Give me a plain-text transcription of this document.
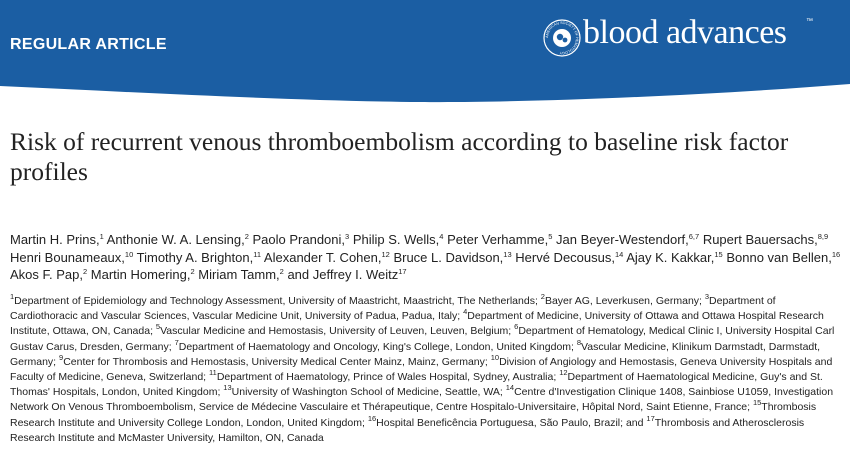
REGULAR ARTICLE	AMERICAN SOCIETY OF HEMATOLOGY
blood advances	™
Risk of recurrent venous thromboembolism according to baseline risk factor profiles
Martin H. Prins,$^1$ Anthonie W. A. Lensing,$^2$ Paolo Prandoni,$^3$ Philip S. Wells,$^4$ Peter Verhamme,$^5$ Jan Beyer-Westendorf,$^{6,7}$ Rupert Bauersachs,$^{8,9}$ Henri Bounameaux,$^{10}$ Timothy A. Brighton,$^{11}$ Alexander T. Cohen,$^{12}$ Bruce L. Davidson,$^{13}$ Hervé Decousus,$^{14}$ Ajay K. Kakkar,$^{15}$ Bonno van Bellen,$^{16}$ Akos F. Pap,$^2$ Martin Homering,$^2$ Miriam Tamm,$^2$ and Jeffrey I. Weitz$^{17}$
$^1$Department of Epidemiology and Technology Assessment, University of Maastricht, Maastricht, The Netherlands; $^2$Bayer AG, Leverkusen, Germany; $^3$Department of Cardiothoracic and Vascular Sciences, Vascular Medicine Unit, University of Padua, Padua, Italy; $^4$Department of Medicine, University of Ottawa and Ottawa Hospital Research Institute, Ottawa, ON, Canada; $^5$Vascular Medicine and Hemostasis, University of Leuven, Leuven, Belgium; $^6$Department of Hematology, Medical Clinic I, University Hospital Carl Gustav Carus, Dresden, Germany; $^7$Department of Haematology and Oncology, King's College, London, United Kingdom; $^8$Vascular Medicine, Klinikum Darmstadt, Darmstadt, Germany; $^9$Center for Thrombosis and Hemostasis, University Medical Center Mainz, Mainz, Germany; $^{10}$Division of Angiology and Hemostasis, Geneva University Hospitals and Faculty of Medicine, Geneva, Switzerland; $^{11}$Department of Haematology, Prince of Wales Hospital, Sydney, Australia; $^{12}$Department of Haematological Medicine, Guy's and St. Thomas' Hospitals, London, United Kingdom; $^{13}$University of Washington School of Medicine, Seattle, WA; $^{14}$Centre d'Investigation Clinique 1408, Sainbiose U1059, Investigation Network On Venous Thromboembolism, Service de Médecine Vasculaire et Thérapeutique, Centre Hospitalo-Universitaire, Hôpital Nord, Saint Etienne, France; $^{15}$Thrombosis Research Institute and University College London, London, United Kingdom; $^{16}$Hospital Beneficência Portuguesa, São Paulo, Brazil; and $^{17}$Thrombosis and Atherosclerosis Research Institute and McMaster University, Hamilton, ON, Canada
